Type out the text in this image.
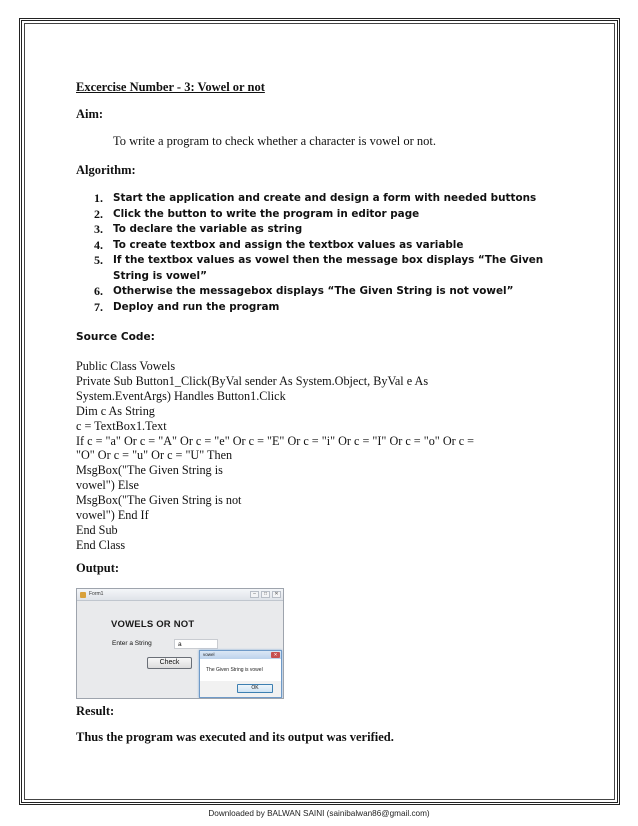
Excercise Number - 3: Vowel or not
Aim:
To write a program to check whether a character is vowel or not.
Algorithm:
1. Start the application and create and design a form with needed buttons
2. Click the button to write the program in editor page
3. To declare the variable as string
4. To create textbox and assign the textbox values as variable
5. If the textbox values as vowel then the message box displays “The Given String is vowel”
6. Otherwise the messagebox displays “The Given String is not vowel”
7. Deploy and run the program
Source Code:
Public Class Vowels
Private Sub Button1_Click(ByVal sender As System.Object, ByVal e As
System.EventArgs) Handles Button1.Click
Dim c As String
c = TextBox1.Text
If c = "a" Or c = "A" Or c = "e" Or c = "E" Or c = "i" Or c = "I" Or c = "o" Or c =
"O" Or c = "u" Or c = "U" Then
MsgBox("The Given String is
vowel") Else
MsgBox("The Given String is not
vowel") End If
End Sub
End Class
Output:
Result:
Thus the program was executed and its output was verified.
Form1	–	□	✕
VOWELS OR NOT
Enter a String	a
Check
vowel	✕
The Given String is vowel
OK
Downloaded by BALWAN SAINI (sainibalwan86@gmail.com)
